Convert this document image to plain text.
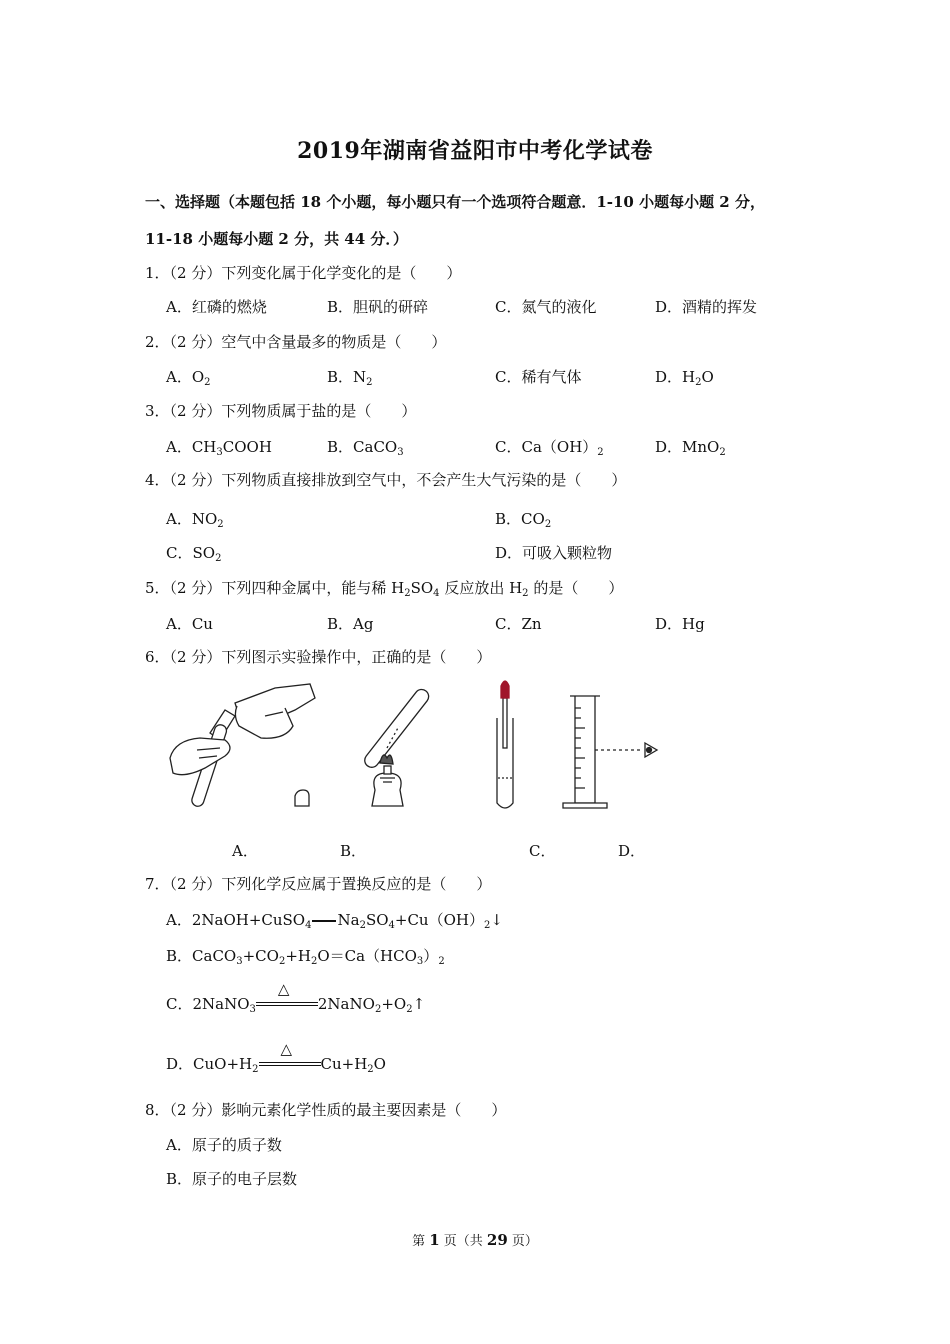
2019年湖南省益阳市中考化学试卷
一、选择题（本题包括 18 个小题，每小题只有一个选项符合题意．1-10 小题每小题 2 分，
11-18 小题每小题 2 分，共 44 分．）
1．（2 分）下列变化属于化学变化的是（　　）
A．红磷的燃烧	B．胆矾的研碎	C．氮气的液化	D．酒精的挥发
2．（2 分）空气中含量最多的物质是（　　）
A．$O_2$	B．$N_2$	C．稀有气体	D．$H_2O$
3．（2 分）下列物质属于盐的是（　　）
A．$CH_3COOH$	B．CaCO$_3$	C．$Ca(OH)_2$	D．MnO$_2$
4．（2 分）下列物质直接排放到空气中，不会产生大气污染的是（　　）
A．$NO_2$	B．$CO_2$
C．$SO_2$	D．可吸入颗粒物
5．（2 分）下列四种金属中，能与稀 $H_2SO_4$ 反应放出 $H_2$ 的是（　　）
A．Cu	B．Ag	C．Zn	D．Hg
6．（2 分）下列图示实验操作中，正确的是（　　）
A．	B．	C．	D．
7．（2 分）下列化学反应属于置换反应的是（　　）
A．2NaOH+CuSO$_4$ $Na_2SO_4+Cu(OH)_2↓$
B．$CaCO_3+CO_2+H_2O=Ca(HCO_3)_2$
C．2NaNO$_3$
△
$2NaNO_2+O_2↑$
D．$CuO+H_2$
△
$Cu+H_2O$
8．（2 分）影响元素化学性质的最主要因素是（　　）
A．原子的质子数
B．原子的电子层数
第 1 页（共 29 页）
